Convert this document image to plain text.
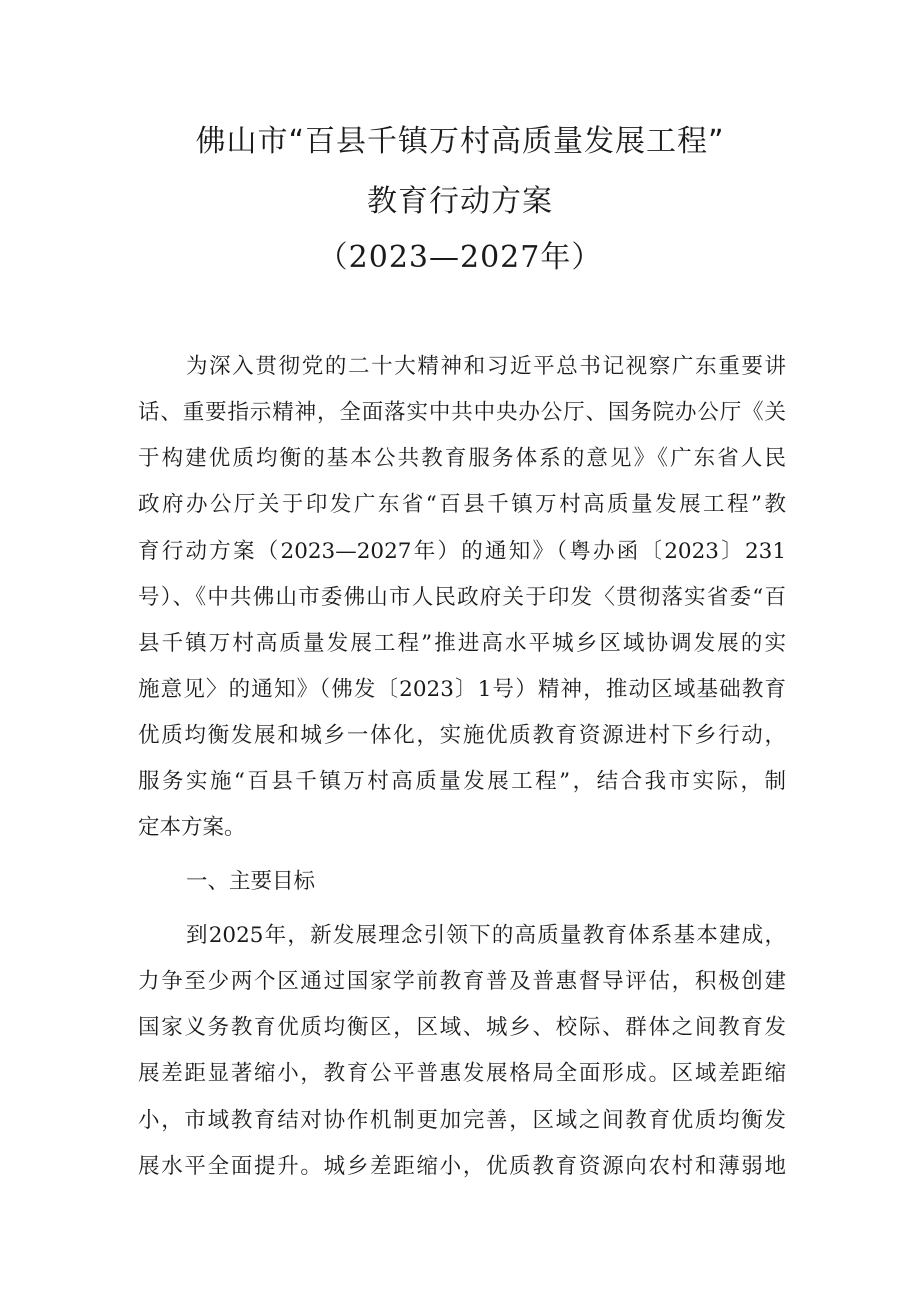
佛山市“百县千镇万村高质量发展工程”
教育行动方案
（2023—2027年）
为深入贯彻党的二十大精神和习近平总书记视察广东重要讲
话、重要指示精神，全面落实中共中央办公厅、国务院办公厅《关
于构建优质均衡的基本公共教育服务体系的意见》《广东省人民
政府办公厅关于印发广东省“百县千镇万村高质量发展工程”教
育行动方案（2023—2027年）的通知》（粤办函〔2023〕231
号）、《中共佛山市委佛山市人民政府关于印发〈贯彻落实省委“百
县千镇万村高质量发展工程”推进高水平城乡区域协调发展的实
施意见〉的通知》（佛发〔2023〕1号）精神，推动区域基础教育
优质均衡发展和城乡一体化，实施优质教育资源进村下乡行动，
服务实施“百县千镇万村高质量发展工程”，结合我市实际，制
定本方案。
一、主要目标
到2025年，新发展理念引领下的高质量教育体系基本建成，
力争至少两个区通过国家学前教育普及普惠督导评估，积极创建
国家义务教育优质均衡区，区域、城乡、校际、群体之间教育发
展差距显著缩小，教育公平普惠发展格局全面形成。区域差距缩
小，市域教育结对协作机制更加完善，区域之间教育优质均衡发
展水平全面提升。城乡差距缩小，优质教育资源向农村和薄弱地
